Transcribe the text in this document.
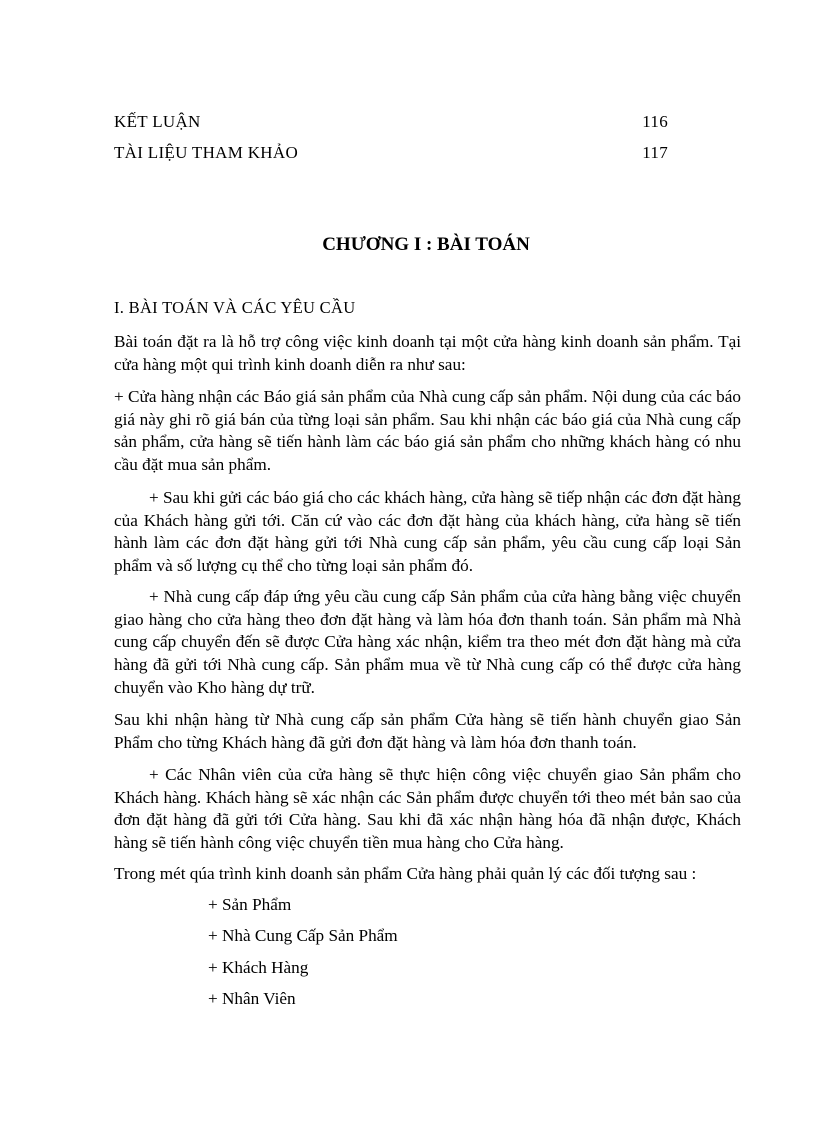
KẾT LUẬN	116
TÀI LIỆU THAM KHẢO	117
CHƯƠNG I : BÀI TOÁN
I. BÀI TOÁN VÀ CÁC YÊU CẦU

Bài toán đặt ra là hỗ trợ công việc kinh doanh tại một cửa hàng kinh doanh sản phẩm. Tại cửa hàng một qui trình kinh doanh diễn ra như sau:

+ Cửa hàng nhận các Báo giá sản phẩm của Nhà cung cấp sản phẩm. Nội dung của các báo giá này ghi rõ giá bán của từng loại sản phẩm. Sau khi nhận các báo giá của Nhà cung cấp sản phẩm, cửa hàng sẽ tiến hành làm các báo giá sản phẩm cho những khách hàng có nhu cầu đặt mua sản phẩm.

+ Sau khi gửi các báo giá cho các khách hàng, cửa hàng sẽ tiếp nhận các đơn đặt hàng của Khách hàng gửi tới. Căn cứ vào các đơn đặt hàng của khách hàng, cửa hàng sẽ tiến hành làm các đơn đặt hàng gửi tới Nhà cung cấp sản phẩm, yêu cầu cung cấp loại Sản phẩm và số lượng cụ thể cho từng loại sản phẩm đó.

+ Nhà cung cấp đáp ứng yêu cầu cung cấp Sản phẩm của cửa hàng bằng việc chuyển giao hàng cho cửa hàng theo đơn đặt hàng và làm hóa đơn thanh toán. Sản phẩm mà Nhà cung cấp chuyển đến sẽ được Cửa hàng xác nhận, kiểm tra theo mét đơn đặt hàng mà cửa hàng đã gửi tới Nhà cung cấp. Sản phẩm mua về từ Nhà cung cấp có thể được cửa hàng chuyển vào Kho hàng dự trữ.

Sau khi nhận hàng từ Nhà cung cấp sản phẩm Cửa hàng sẽ tiến hành chuyển giao Sản Phẩm cho từng Khách hàng đã gửi đơn đặt hàng và làm hóa đơn thanh toán.

+ Các Nhân viên của cửa hàng sẽ thực hiện công việc chuyển giao Sản phẩm cho Khách hàng. Khách hàng sẽ xác nhận các Sản phẩm được chuyển tới theo mét bản sao của đơn đặt hàng đã gửi tới Cửa hàng. Sau khi đã xác nhận hàng hóa đã nhận được, Khách hàng sẽ tiến hành công việc chuyển tiền mua hàng cho Cửa hàng.

Trong mét qúa trình kinh doanh sản phẩm Cửa hàng phải quản lý các đối tượng sau :

+ Sản Phẩm
+ Nhà Cung Cấp Sản Phẩm
+ Khách Hàng
+ Nhân Viên
